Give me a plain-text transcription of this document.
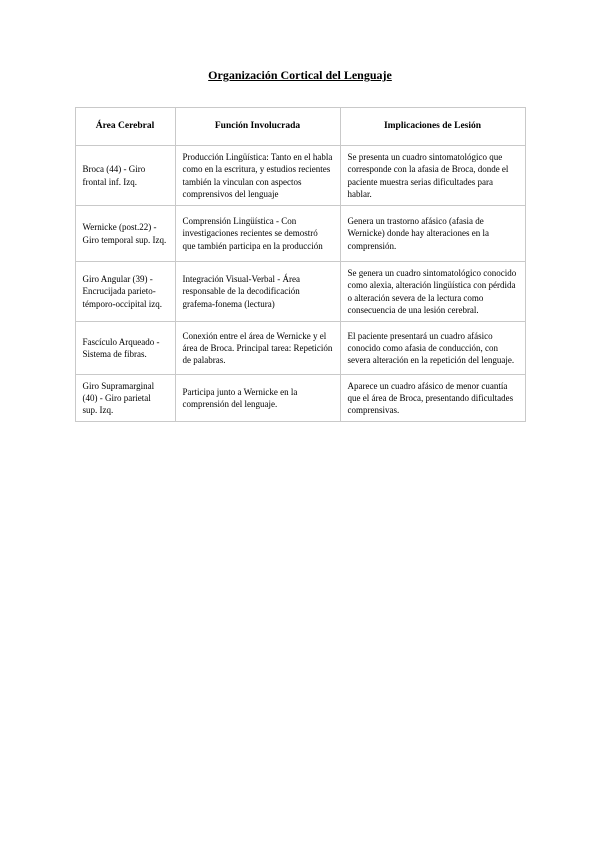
Organización Cortical del Lenguaje
Área Cerebral	Función Involucrada	Implicaciones de Lesión
Broca (44) - Giro frontal inf. Izq.	Producción Lingüística: Tanto en el habla como en la escritura, y estudios recientes también la vinculan con aspectos comprensivos del lenguaje	Se presenta un cuadro sintomatológico que corresponde con la afasia de Broca, donde el paciente muestra serias dificultades para hablar.
Wernicke (post.22) - Giro temporal sup. Izq.	Comprensión Lingüística - Con investigaciones recientes se demostró que también participa en la producción	Genera un trastorno afásico (afasia de Wernicke) donde hay alteraciones en la comprensión.
Giro Angular (39) - Encrucijada parieto-témporo-occipital izq.	Integración Visual-Verbal - Área responsable de la decodificación grafema-fonema (lectura)	Se genera un cuadro sintomatológico conocido como alexia, alteración lingüística con pérdida o alteración severa de la lectura como consecuencia de una lesión cerebral.
Fascículo Arqueado - Sistema de fibras.	Conexión entre el área de Wernicke y el área de Broca. Principal tarea: Repetición de palabras.	El paciente presentará un cuadro afásico conocido como afasia de conducción, con severa alteración en la repetición del lenguaje.
Giro Supramarginal (40) - Giro parietal sup. Izq.	Participa junto a Wernicke en la comprensión del lenguaje.	Aparece un cuadro afásico de menor cuantía que el área de Broca, presentando dificultades comprensivas.
